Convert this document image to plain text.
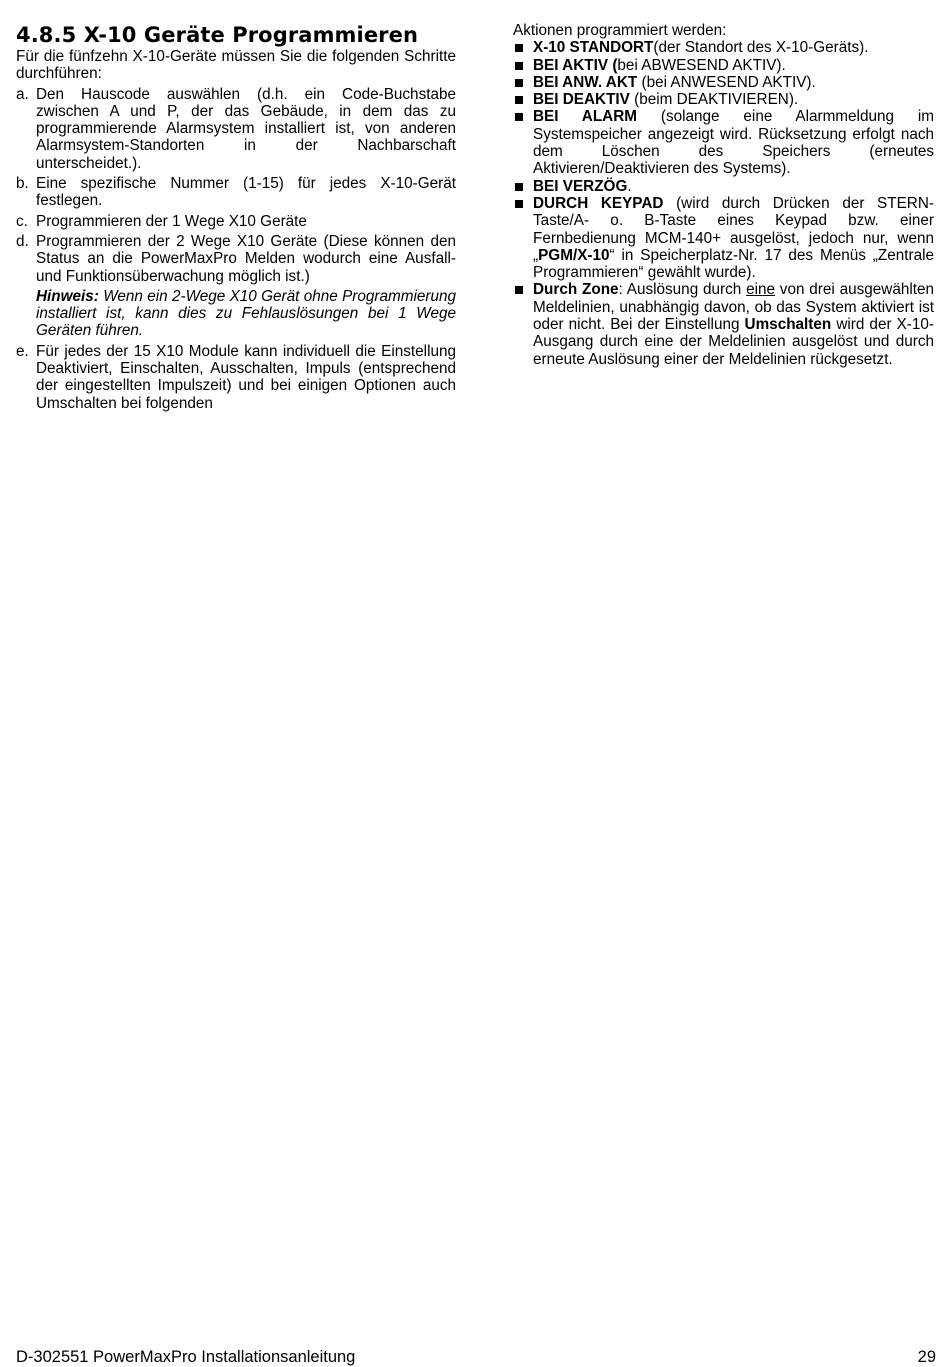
4.8.5 X-10 Geräte Programmieren

Für die fünfzehn X-10-Geräte müssen Sie die folgenden Schritte durchführen:

a. Den Hauscode auswählen (d.h. ein Code-Buchstabe zwischen A und P, der das Gebäude, in dem das zu programmierende Alarmsystem installiert ist, von anderen Alarmsystem-Standorten in der Nachbarschaft unterscheidet.).
b. Eine spezifische Nummer (1-15) für jedes X-10-Gerät festlegen.
c. Programmieren der 1 Wege X10 Geräte
d. Programmieren der 2 Wege X10 Geräte (Diese können den Status an die PowerMaxPro Melden wodurch eine Ausfall- und Funktionsüberwachung möglich ist.)
Hinweis: Wenn ein 2-Wege X10 Gerät ohne Programmierung installiert ist, kann dies zu Fehlauslösungen bei 1 Wege Geräten führen.
e. Für jedes der 15 X10 Module kann individuell die Einstellung Deaktiviert, Einschalten, Ausschalten, Impuls (entsprechend der eingestellten Impulszeit) und bei einigen Optionen auch Umschalten bei folgenden

Aktionen programmiert werden:

X-10 STANDORT(der Standort des X-10-Geräts).
BEI AKTIV (bei ABWESEND AKTIV).
BEI ANW. AKT (bei ANWESEND AKTIV).
BEI DEAKTIV (beim DEAKTIVIEREN).
BEI ALARM (solange eine Alarmmeldung im Systemspeicher angezeigt wird. Rücksetzung erfolgt nach dem Löschen des Speichers (erneutes Aktivieren/Deaktivieren des Systems).
BEI VERZÖG.
DURCH KEYPAD (wird durch Drücken der STERN-Taste/A- o. B-Taste eines Keypad bzw. einer Fernbedienung MCM-140+ ausgelöst, jedoch nur, wenn „PGM/X-10“ in Speicherplatz-Nr. 17 des Menüs „Zentrale Programmieren“ gewählt wurde).
Durch Zone: Auslösung durch eine von drei ausgewählten Meldelinien, unabhängig davon, ob das System aktiviert ist oder nicht. Bei der Einstellung Umschalten wird der X-10-Ausgang durch eine der Meldelinien ausgelöst und durch erneute Auslösung einer der Meldelinien rückgesetzt.
D-302551 PowerMaxPro Installationsanleitung	29
